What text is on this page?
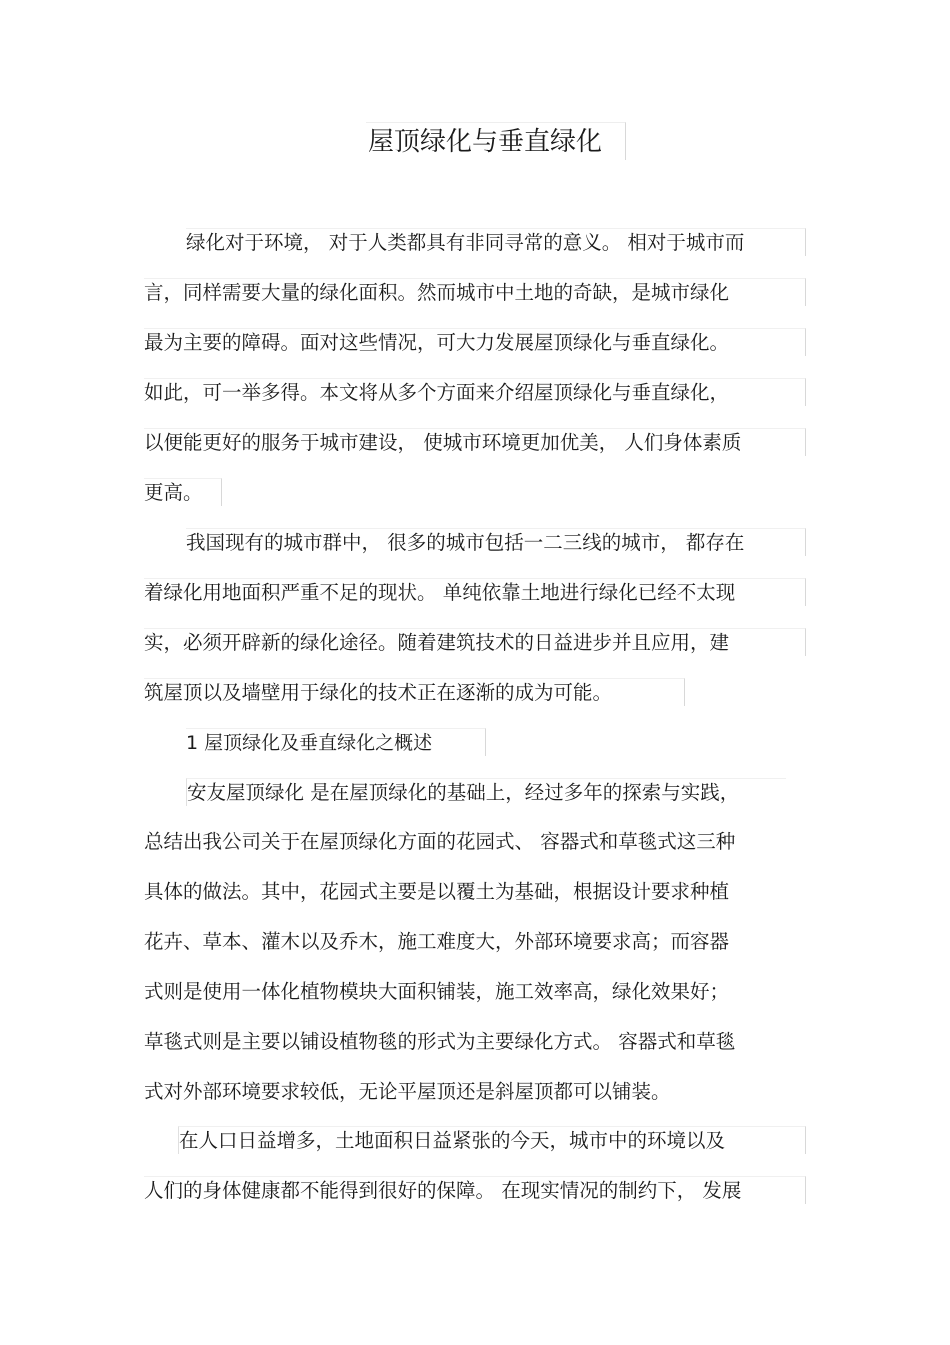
屋顶绿化与垂直绿化
绿化对于环境， 对于人类都具有非同寻常的意义。 相对于城市而
言，同样需要大量的绿化面积。然而城市中土地的奇缺，是城市绿化
最为主要的障碍。面对这些情况，可大力发展屋顶绿化与垂直绿化。
如此，可一举多得。本文将从多个方面来介绍屋顶绿化与垂直绿化，
以便能更好的服务于城市建设， 使城市环境更加优美， 人们身体素质
更高。
我国现有的城市群中， 很多的城市包括一二三线的城市， 都存在
着绿化用地面积严重不足的现状。 单纯依靠土地进行绿化已经不太现
实，必须开辟新的绿化途径。随着建筑技术的日益进步并且应用，建
筑屋顶以及墙壁用于绿化的技术正在逐渐的成为可能。
1 屋顶绿化及垂直绿化之概述
安友屋顶绿化 是在屋顶绿化的基础上，经过多年的探索与实践，
总结出我公司关于在屋顶绿化方面的花园式、 容器式和草毯式这三种
具体的做法。其中，花园式主要是以覆土为基础，根据设计要求种植
花卉、草本、灌木以及乔木，施工难度大，外部环境要求高；而容器
式则是使用一体化植物模块大面积铺装，施工效率高，绿化效果好；
草毯式则是主要以铺设植物毯的形式为主要绿化方式。 容器式和草毯
式对外部环境要求较低，无论平屋顶还是斜屋顶都可以铺装。
在人口日益增多，土地面积日益紧张的今天，城市中的环境以及
人们的身体健康都不能得到很好的保障。 在现实情况的制约下， 发展
